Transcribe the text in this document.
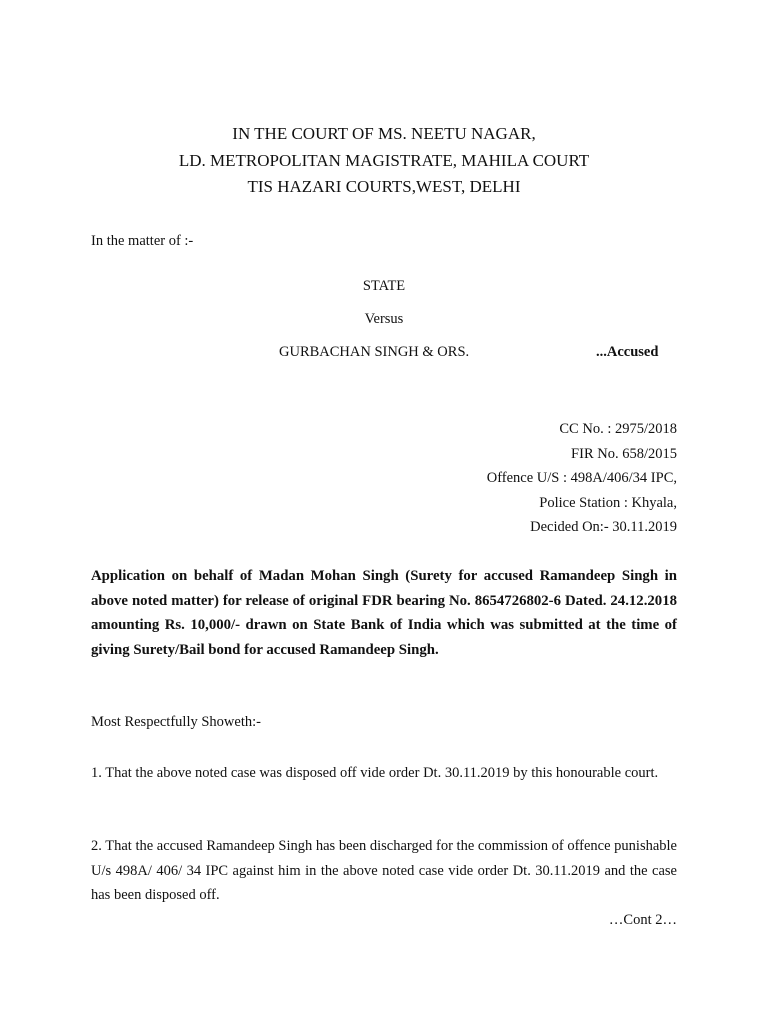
IN THE COURT OF MS. NEETU NAGAR,
LD. METROPOLITAN MAGISTRATE, MAHILA COURT
TIS HAZARI COURTS,WEST, DELHI
In the matter of :-
STATE
Versus
GURBACHAN SINGH & ORS.	...Accused
CC No. : 2975/2018
FIR No. 658/2015
Offence U/S : 498A/406/34 IPC,
Police Station : Khyala,
Decided On:- 30.11.2019
Application on behalf of Madan Mohan Singh (Surety for accused Ramandeep Singh in above noted matter) for release of original FDR bearing No. 8654726802-6 Dated. 24.12.2018 amounting Rs. 10,000/- drawn on State Bank of India which was submitted at the time of giving Surety/Bail bond for accused Ramandeep Singh.
Most Respectfully Showeth:-
1. That the above noted case was disposed off vide order Dt. 30.11.2019 by this honourable court.
2. That the accused Ramandeep Singh has been discharged for the commission of offence punishable U/s 498A/ 406/ 34 IPC against him in the above noted case vide order Dt. 30.11.2019 and the case has been disposed off.
…Cont 2…
